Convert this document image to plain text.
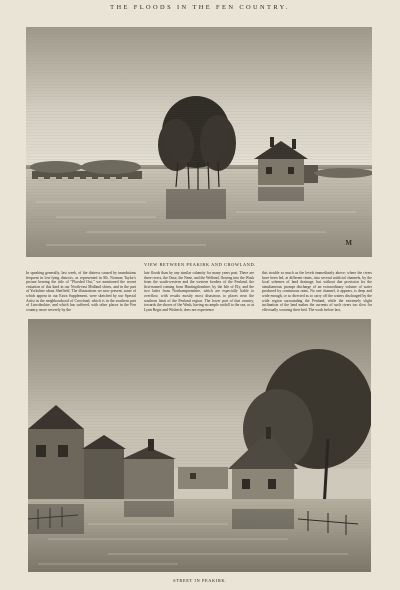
THE FLOODS IN THE FEN COUNTRY.
M
VIEW BETWEEN PEAKIRK AND CROWLAND.
In speaking generally, last week, of the distress caused by inundations frequent in low-lying districts, as represented in Mr. Norman Taylor's picture bearing the title of "Flooded Out," we mentioned the recent visitation of this kind in our North-east Midland shires, and in the part of Yorkshire about Sheffield. The illustrations we now present, some of which appear in our Extra Supplement, were sketched by our Special Artist in the neighbourhood of Crowland, which is in the southern part of Lincolnshire, and which has suffered, with other places in the Fen country, more severely by the
late floods than by any similar calamity for many years past. There are three rivers, the Ouse, the Nene, and the Welland, flowing into the Wash from the south-western and the western borders of the Fenland, the first-named coming from Huntingdonshire, by the Isle of Ely, and the two latter from Northamptonshire, which are especially liable to overflow, with results mostly most disastrous to places near the southern limit of the Fenland region. The lower part of that country, towards the shores of the Wash, having no ample outfall to the sea, or at Lynn Regis and Wisbech, does not experience
this trouble so much as the levels immediately above; where the rivers have been led, at different times, into several artificial channels, by the local schemes of land drainage, but without due provision for the simultaneous prompt discharge of an extraordinary volume of water produced by continuous rains. No one channel, it appears, is deep and wide enough, or so directed as to carry off the waters discharged by the wide region surrounding the Fenland, while the extremely slight inclination of the land makes the currents of such rivers too slow for effectually scouring their bed. The work before last,
STREET IN PEAKIRK.
